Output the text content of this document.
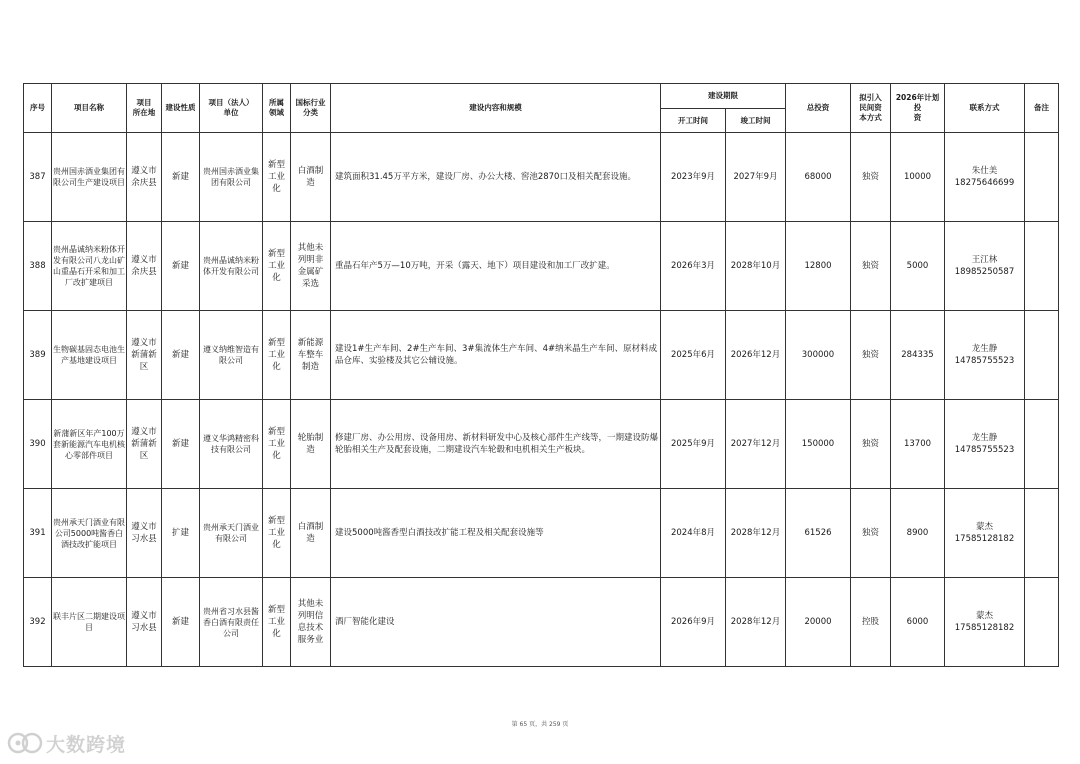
序号	项目名称	项目
所在地	建设性质	项目（法人）
单位	所属
领域	国标行业
分类	建设内容和规模	建设期限		总投资	拟引入
民间资
本方式	2026年计划投
资	联系方式	备注
								开工时间	竣工时间					
387	贵州国赤酒业集团有限公司生产建设项目	遵义市
余庆县	新建	贵州国赤酒业集团有限公司	新型
工业
化	白酒制
造	建筑面积31.45万平方米，建设厂房、办公大楼、窖池2870口及相关配套设施。	2023年9月	2027年9月	68000	独资	10000	朱仕美
18275646699	
388	贵州晶诚纳米粉体开发有限公司八龙山矿山重晶石开采和加工厂改扩建项目	遵义市
余庆县	新建	贵州晶诚纳米粉体开发有限公司	新型
工业
化	其他未
列明非
金属矿
采选	重晶石年产5万—10万吨，开采（露天、地下）项目建设和加工厂改扩建。	2026年3月	2028年10月	12800	独资	5000	王江林
18985250587	
389	生物碳基固态电池生产基地建设项目	遵义市
新蒲新
区	新建	遵义纳维智造有限公司	新型
工业
化	新能源
车整车
制造	建设1#生产车间、2#生产车间、3#集流体生产车间、4#纳米晶生产车间、原材料成品仓库、实验楼及其它公辅设施。	2025年6月	2026年12月	300000	独资	284335	龙生静
14785755523	
390	新蒲新区年产100万套新能源汽车电机核心零部件项目	遵义市
新蒲新
区	新建	遵义华鸿精密科技有限公司	新型
工业
化	轮胎制
造	修建厂房、办公用房、设备用房、新材料研发中心及核心部件生产线等，一期建设防爆轮胎相关生产及配套设施，二期建设汽车轮毂和电机相关生产板块。	2025年9月	2027年12月	150000	独资	13700	龙生静
14785755523	
391	贵州承天门酒业有限公司5000吨酱香白酒技改扩能项目	遵义市
习水县	扩建	贵州承天门酒业有限公司	新型
工业
化	白酒制
造	建设5000吨酱香型白酒技改扩能工程及相关配套设施等	2024年8月	2028年12月	61526	独资	8900	蒙杰
17585128182	
392	联丰片区二期建设项目	遵义市
习水县	新建	贵州省习水县酱香白酒有限责任公司	新型
工业
化	其他未
列明信
息技术
服务业	酒厂智能化建设	2026年9月	2028年12月	20000	控股	6000	蒙杰
17585128182	
第 65 页，共 259 页
大数跨境
